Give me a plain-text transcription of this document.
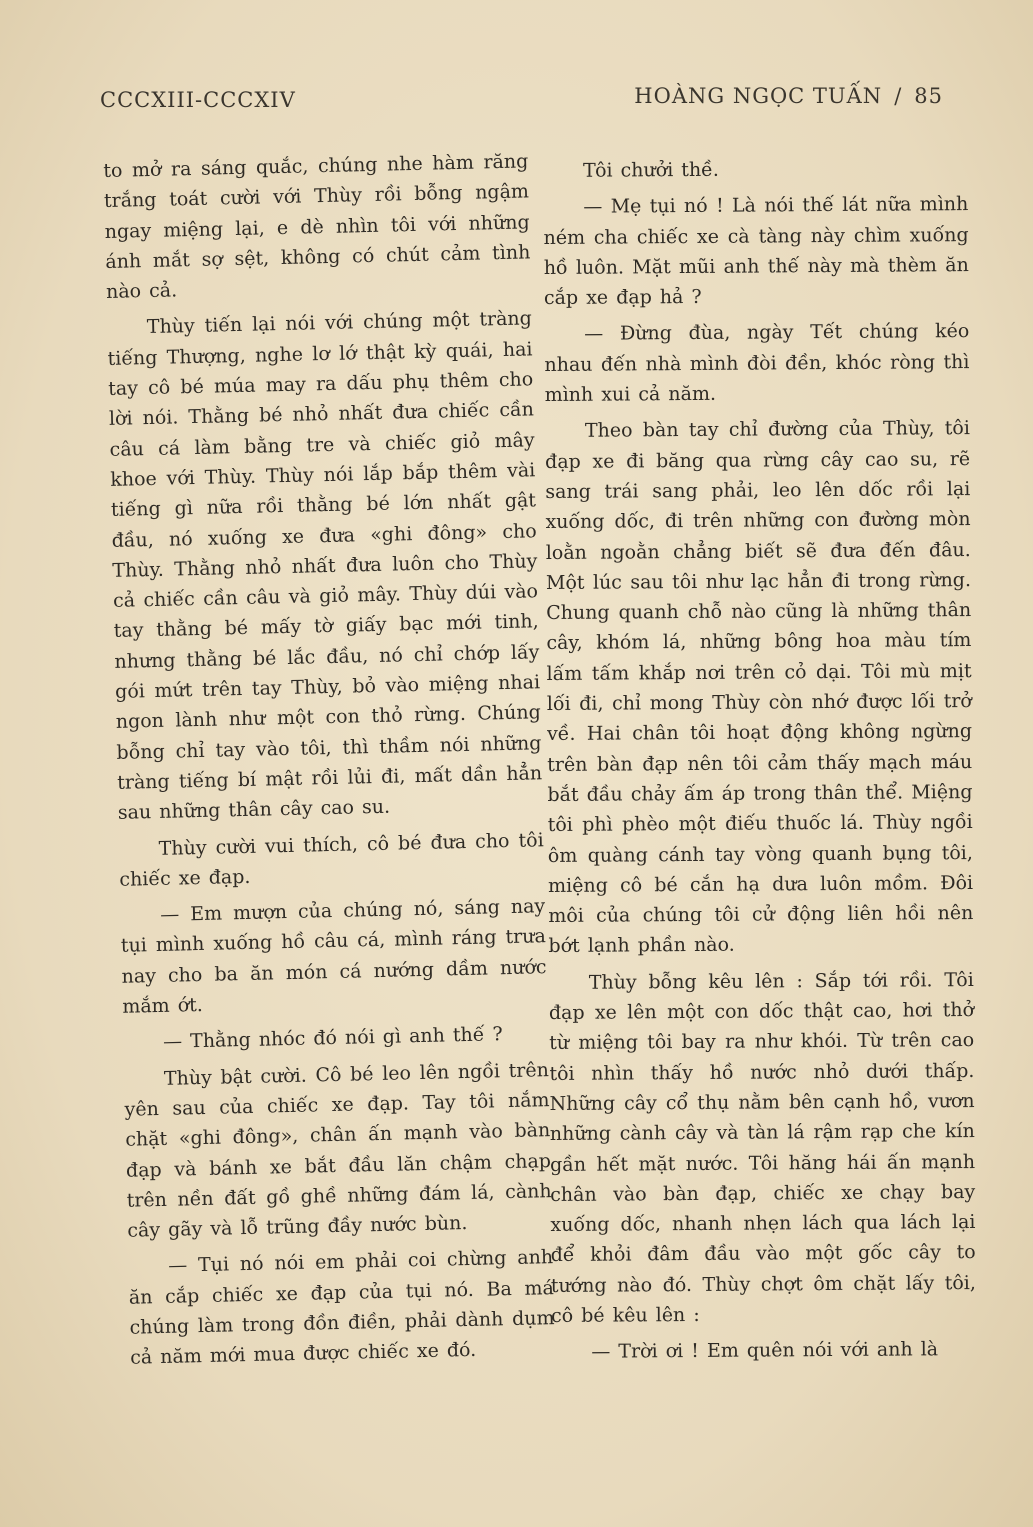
CCCXIII-CCCXIV	HOÀNG NGỌC TUẤN / 85

to mở ra sáng quắc, chúng nhe hàm răng trắng toát cười với Thùy rồi bỗng ngậm ngay miệng lại, e dè nhìn tôi với những ánh mắt sợ sệt, không có chút cảm tình nào cả.

Thùy tiến lại nói với chúng một tràng tiếng Thượng, nghe lơ lớ thật kỳ quái, hai tay cô bé múa may ra dấu phụ thêm cho lời nói. Thằng bé nhỏ nhất đưa chiếc cần câu cá làm bằng tre và chiếc giỏ mây khoe với Thùy. Thùy nói lắp bắp thêm vài tiếng gì nữa rồi thằng bé lớn nhất gật đầu, nó xuống xe đưa «ghi đông» cho Thùy. Thằng nhỏ nhất đưa luôn cho Thùy cả chiếc cần câu và giỏ mây. Thùy dúi vào tay thằng bé mấy tờ giấy bạc mới tinh, nhưng thằng bé lắc đầu, nó chỉ chớp lấy gói mứt trên tay Thùy, bỏ vào miệng nhai ngon lành như một con thỏ rừng. Chúng bỗng chỉ tay vào tôi, thì thầm nói những tràng tiếng bí mật rồi lủi đi, mất dần hẳn sau những thân cây cao su.

Thùy cười vui thích, cô bé đưa cho tôi chiếc xe đạp.

— Em mượn của chúng nó, sáng nay tụi mình xuống hồ câu cá, mình ráng trưa nay cho ba ăn món cá nướng dầm nước mắm ớt.

— Thằng nhóc đó nói gì anh thế ?

Thùy bật cười. Cô bé leo lên ngồi trên yên sau của chiếc xe đạp. Tay tôi nắm chặt «ghi đông», chân ấn mạnh vào bàn đạp và bánh xe bắt đầu lăn chậm chạp trên nền đất gồ ghề những đám lá, cành cây gãy và lỗ trũng đầy nước bùn.

— Tụi nó nói em phải coi chừng anh ăn cắp chiếc xe đạp của tụi nó. Ba má chúng làm trong đồn điền, phải dành dụm cả năm mới mua được chiếc xe đó.

Tôi chưởi thề.

— Mẹ tụi nó ! Là nói thế lát nữa mình ném cha chiếc xe cà tàng này chìm xuống hồ luôn. Mặt mũi anh thế này mà thèm ăn cắp xe đạp hả ?

— Đừng đùa, ngày Tết chúng kéo nhau đến nhà mình đòi đền, khóc ròng thì mình xui cả năm.

Theo bàn tay chỉ đường của Thùy, tôi đạp xe đi băng qua rừng cây cao su, rẽ sang trái sang phải, leo lên dốc rồi lại xuống dốc, đi trên những con đường mòn loằn ngoằn chẳng biết sẽ đưa đến đâu. Một lúc sau tôi như lạc hẳn đi trong rừng. Chung quanh chỗ nào cũng là những thân cây, khóm lá, những bông hoa màu tím lấm tấm khắp nơi trên cỏ dại. Tôi mù mịt lối đi, chỉ mong Thùy còn nhớ được lối trở về. Hai chân tôi hoạt động không ngừng trên bàn đạp nên tôi cảm thấy mạch máu bắt đầu chảy ấm áp trong thân thể. Miệng tôi phì phèo một điếu thuốc lá. Thùy ngồi ôm quàng cánh tay vòng quanh bụng tôi, miệng cô bé cắn hạ dưa luôn mồm. Đôi môi của chúng tôi cử động liên hồi nên bớt lạnh phần nào.

Thùy bỗng kêu lên : Sắp tới rồi. Tôi đạp xe lên một con dốc thật cao, hơi thở từ miệng tôi bay ra như khói. Từ trên cao tôi nhìn thấy hồ nước nhỏ dưới thấp. Những cây cổ thụ nằm bên cạnh hồ, vươn những cành cây và tàn lá rậm rạp che kín gần hết mặt nước. Tôi hăng hái ấn mạnh chân vào bàn đạp, chiếc xe chạy bay xuống dốc, nhanh nhẹn lách qua lách lại để khỏi đâm đầu vào một gốc cây to tướng nào đó. Thùy chợt ôm chặt lấy tôi, cô bé kêu lên :

— Trời ơi ! Em quên nói với anh là
